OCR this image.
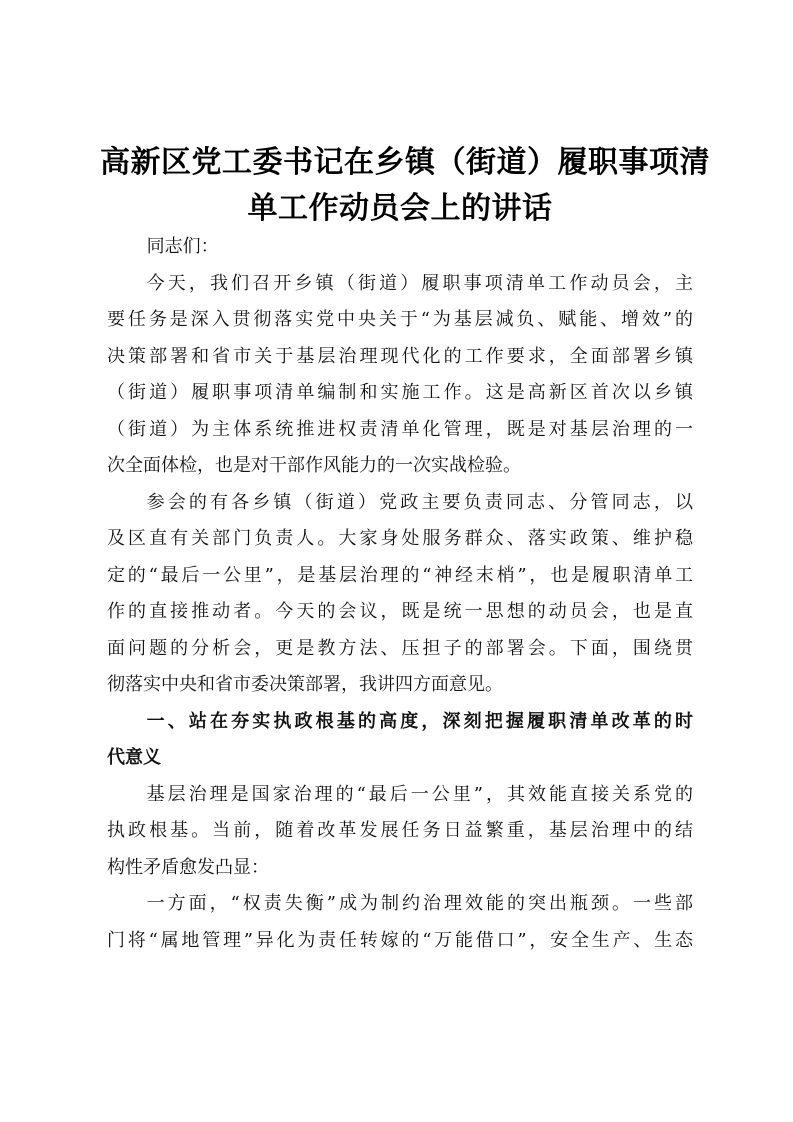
高新区党工委书记在乡镇（街道）履职事项清
单工作动员会上的讲话

同志们：

今天，我们召开乡镇（街道）履职事项清单工作动员会，主
要任务是深入贯彻落实党中央关于“为基层减负、赋能、增效”的
决策部署和省市关于基层治理现代化的工作要求，全面部署乡镇
（街道）履职事项清单编制和实施工作。这是高新区首次以乡镇
（街道）为主体系统推进权责清单化管理，既是对基层治理的一
次全面体检，也是对干部作风能力的一次实战检验。

参会的有各乡镇（街道）党政主要负责同志、分管同志，以
及区直有关部门负责人。大家身处服务群众、落实政策、维护稳
定的“最后一公里”，是基层治理的“神经末梢”，也是履职清单工
作的直接推动者。今天的会议，既是统一思想的动员会，也是直
面问题的分析会，更是教方法、压担子的部署会。下面，围绕贯
彻落实中央和省市委决策部署，我讲四方面意见。

一、站在夯实执政根基的高度，深刻把握履职清单改革的时
代意义

基层治理是国家治理的“最后一公里”，其效能直接关系党的
执政根基。当前，随着改革发展任务日益繁重，基层治理中的结
构性矛盾愈发凸显：

一方面，“权责失衡”成为制约治理效能的突出瓶颈。一些部
门将“属地管理”异化为责任转嫁的“万能借口”，安全生产、生态
